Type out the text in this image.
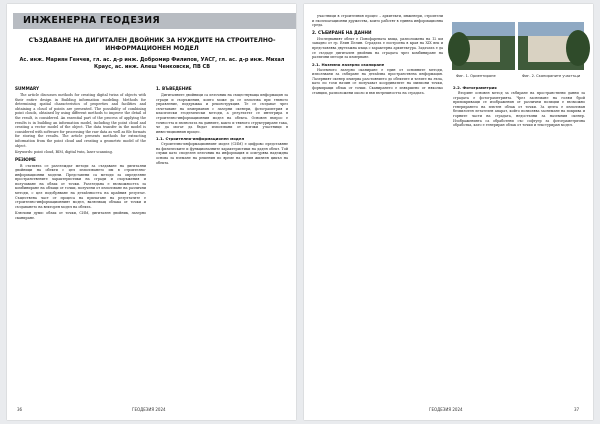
ИНЖЕНЕРНА ГЕОДЕЗИЯ
СЪЗДАВАНЕ НА ДИГИТАЛЕН ДВОЙНИК ЗА НУЖДИТЕ НА СТРОИТЕЛНО-ИНФОРМАЦИОНЕН МОДЕЛ
Ас. инж. Мариян Генчев, гл. ас. д-р инж. Добромир Филипов, УАСГ, гл. ас. д-р инж. Михал Краус, ас. инж. Алеш Ченковски, ПВ СВ

SUMMARY

The article discusses methods for creating digital twins of objects with their entire design in Building information modeling. Methods for determining spatial characteristics of properties and facilities and obtaining a cloud of points are presented. The possibility of combining point clouds, obtained by using different methods to improve the detail of the result, is considered. An essential part of the process of applying the results is in building an information model, including the point cloud and creating a vector model of the object. The data transfer in the model is considered with software for processing the raw data as well as file formats for storing the results. The article presents methods for extracting information from the point cloud and creating a geometric model of the object.

Keywords: point cloud, BIM, digital twin, laser scanning.

РЕЗЮМЕ

В статията се разглеждат методи за създаване на дигитални двойници на обекти с цел използването им в строително-информационни модели. Представени са методи за определяне пространствените характеристики на сгради и съоръжения и получаване на облак от точки. Разгледана е възможността за комбиниране на облаци от точки, получени от използване на различни методи, с цел подобряване на детайлността на крайния резултат. Съществена част от процеса на прилагане на резултатите е строително-информационният модел, включващ облака от точки и създаването на векторен модел на обекта.

Ключови думи: облак от точки, СИМ, дигитален двойник, лазерно сканиране.

1. ВЪВЕДЕНИЕ

Дигиталните двойници са източник на съществуваща информация за сгради и съоръжения, които може да се използва при тяхното управление, поддръжка и реконструкция. Те се създават чрез съчетаване на измервания с лазерни скенери, фотограметрия и класически геодезически методи, а резултатът се интегрира в строително-информационния модел на обекта. Основен въпрос е точността и пълнотата на данните, както и тяхното структуриране така, че да могат да бъдат използвани от всички участници в инвестиционния процес.

1.1. Строително-информационен модел

Строително-информационният модел (СИМ) е цифрово представяне на физическите и функционалните характеристики на даден обект. Той служи като споделен източник на информация и осигурява надеждна основа за вземане на решения по време на целия жизнен цикъл на обекта.

36	ГЕОДЕЗИЯ 2024

участници в строителния процес – архитекти, инженери, строители и експлоатационни дружества, които работят в единна информационна среда.

2. СЪБИРАНЕ НА ДАННИ

Изследваният обект е Понофаревата къща, разположена на 12 км западно от гр. Елин Пелин. Сградата е построена в края на XIX век и представлява двуетажна къща с характерна архитектура. Задачата е да се създаде дигитален двойник на сградата чрез комбиниране на различни методи за измерване.

2.1. Наземно лазерно сканиране

Наземното лазерно сканиране е един от основните методи, използвани за събиране на детайлна пространствена информация. Лазерният скенер измерва разстоянието до обектите и ъглите на лъча, като по този начин се получават координатите на милиони точки, формиращи облак от точки. Сканирането е извършено от няколко станции, разположени около и във вътрешността на сградата.

Фиг. 1. Ориентиране	Фиг. 2. Сканираните участъци

2.2. Фотограметрия

Вторият основен метод за събиране на пространствени данни за сградата е фотограметрията. Чрез заснемане на голям брой припокриващи се изображения от различни позиции е възможно генерирането на плътен облак от точки. За целта е използван безпилотен летателен апарат, който позволява заснемане на покрива и горните части на сградата, недостъпни за наземния скенер. Изображенията са обработени със софтуер за фотограметрична обработка, като е генериран облак от точки и текстуриран модел.

ГЕОДЕЗИЯ 2024	37
